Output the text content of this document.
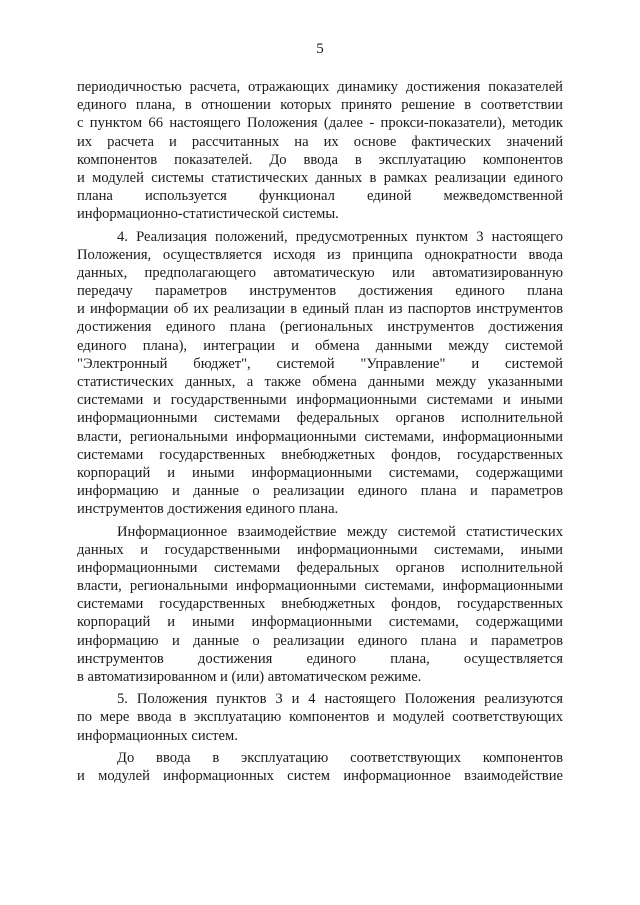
5
периодичностью расчета, отражающих динамику достижения показателей
единого плана, в отношении которых принято решение в соответствии
с пунктом 66 настоящего Положения (далее - прокси-показатели), методик
их расчета и рассчитанных на их основе фактических значений
компонентов показателей. До ввода в эксплуатацию компонентов
и модулей системы статистических данных в рамках реализации единого
плана используется функционал единой межведомственной
информационно-статистической системы.
4. Реализация положений, предусмотренных пунктом 3 настоящего
Положения, осуществляется исходя из принципа однократности ввода
данных, предполагающего автоматическую или автоматизированную
передачу параметров инструментов достижения единого плана
и информации об их реализации в единый план из паспортов инструментов
достижения единого плана (региональных инструментов достижения
единого плана), интеграции и обмена данными между системой
"Электронный бюджет", системой "Управление" и системой
статистических данных, а также обмена данными между указанными
системами и государственными информационными системами и иными
информационными системами федеральных органов исполнительной
власти, региональными информационными системами, информационными
системами государственных внебюджетных фондов, государственных
корпораций и иными информационными системами, содержащими
информацию и данные о реализации единого плана и параметров
инструментов достижения единого плана.
Информационное взаимодействие между системой статистических
данных и государственными информационными системами, иными
информационными системами федеральных органов исполнительной
власти, региональными информационными системами, информационными
системами государственных внебюджетных фондов, государственных
корпораций и иными информационными системами, содержащими
информацию и данные о реализации единого плана и параметров
инструментов достижения единого плана, осуществляется
в автоматизированном и (или) автоматическом режиме.
5. Положения пунктов 3 и 4 настоящего Положения реализуются
по мере ввода в эксплуатацию компонентов и модулей соответствующих
информационных систем.
До ввода в эксплуатацию соответствующих компонентов
и модулей информационных систем информационное взаимодействие
